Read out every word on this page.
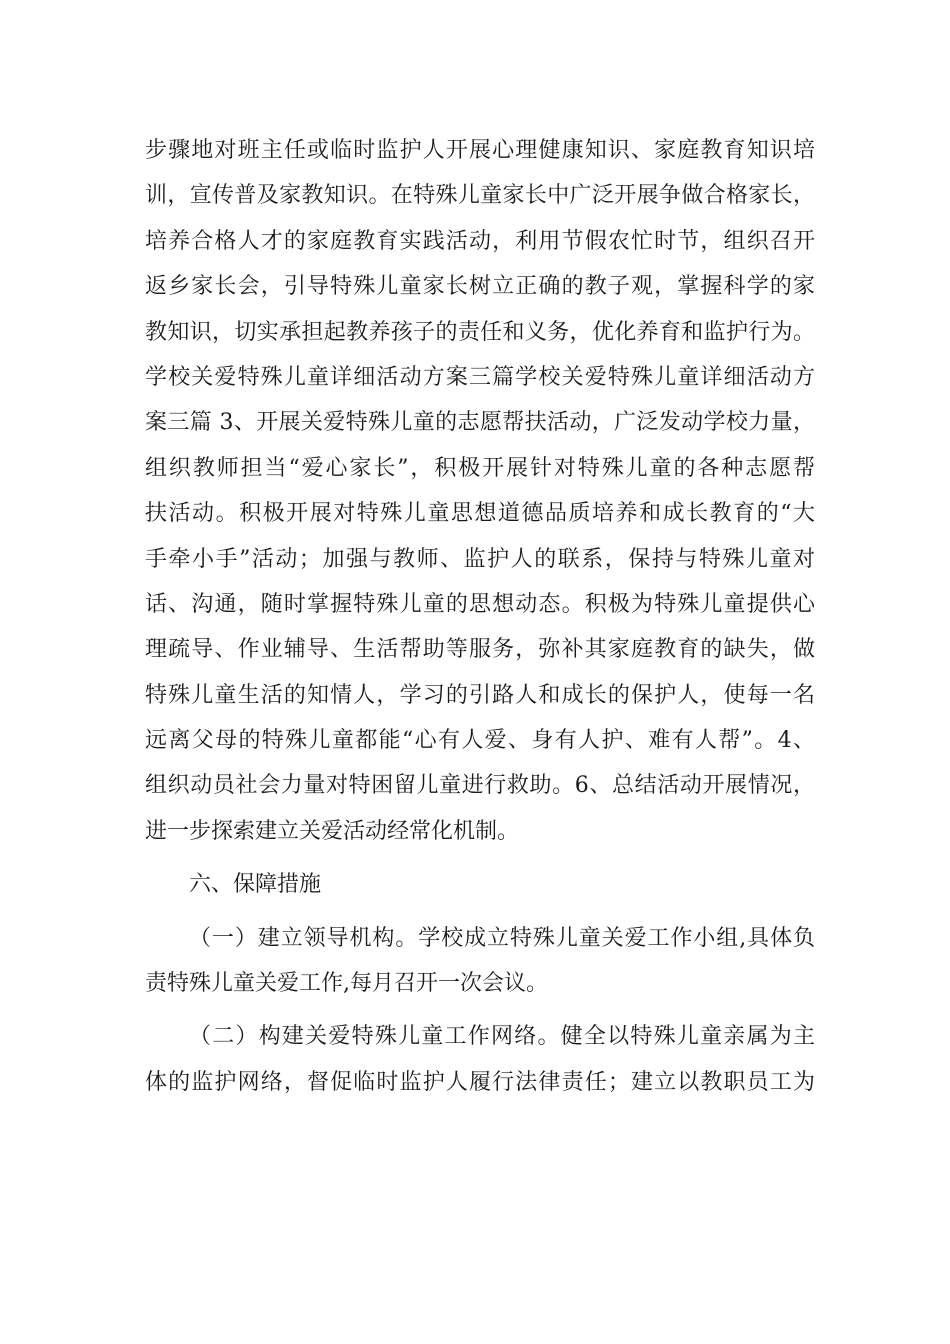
步骤地对班主任或临时监护人开展心理健康知识、家庭教育知识培
训，宣传普及家教知识。在特殊儿童家长中广泛开展争做合格家长，
培养合格人才的家庭教育实践活动，利用节假农忙时节，组织召开
返乡家长会，引导特殊儿童家长树立正确的教子观，掌握科学的家
教知识，切实承担起教养孩子的责任和义务，优化养育和监护行为。
学校关爱特殊儿童详细活动方案三篇学校关爱特殊儿童详细活动方
案三篇 3、开展关爱特殊儿童的志愿帮扶活动，广泛发动学校力量，
组织教师担当“爱心家长”，积极开展针对特殊儿童的各种志愿帮
扶活动。积极开展对特殊儿童思想道德品质培养和成长教育的“大
手牵小手”活动；加强与教师、监护人的联系，保持与特殊儿童对
话、沟通，随时掌握特殊儿童的思想动态。积极为特殊儿童提供心
理疏导、作业辅导、生活帮助等服务，弥补其家庭教育的缺失，做
特殊儿童生活的知情人，学习的引路人和成长的保护人，使每一名
远离父母的特殊儿童都能“心有人爱、身有人护、难有人帮”。4、
组织动员社会力量对特困留儿童进行救助。6、总结活动开展情况，
进一步探索建立关爱活动经常化机制。
六、保障措施
（一）建立领导机构。学校成立特殊儿童关爱工作小组,具体负
责特殊儿童关爱工作,每月召开一次会议。
（二）构建关爱特殊儿童工作网络。健全以特殊儿童亲属为主
体的监护网络，督促临时监护人履行法律责任；建立以教职员工为
